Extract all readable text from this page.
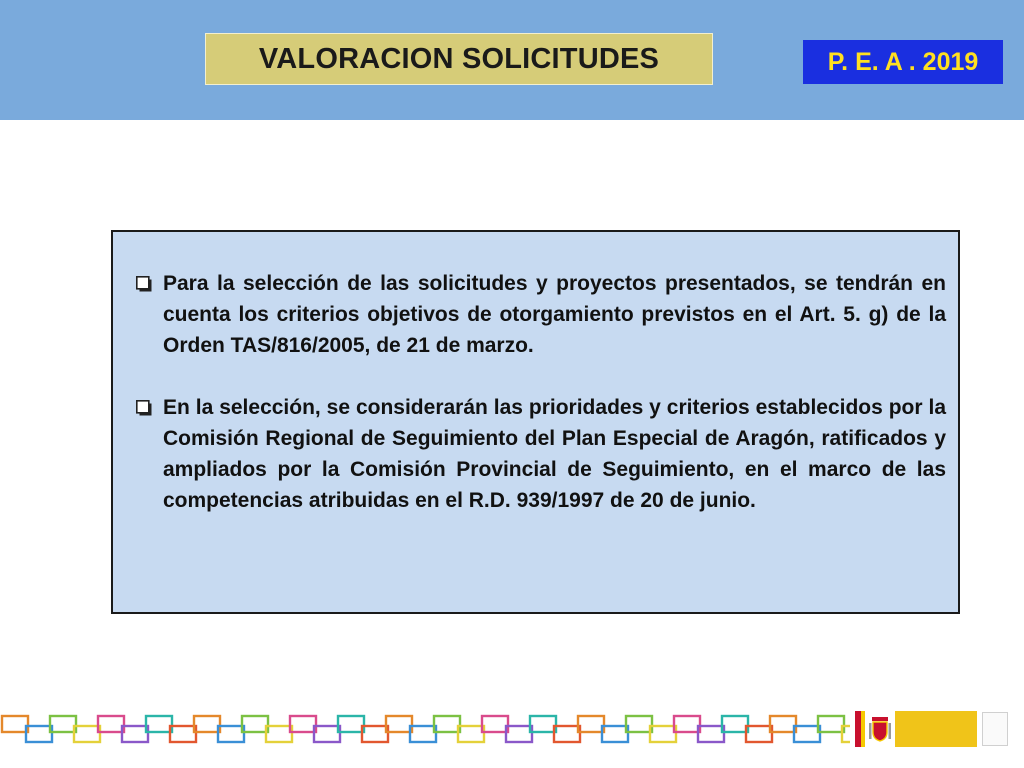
VALORACION SOLICITUDES	P. E. A . 2019
Para la selección de las solicitudes y proyectos presentados, se tendrán en cuenta los criterios objetivos de otorgamiento previstos en el Art. 5. g) de la Orden TAS/816/2005, de 21 de marzo.
En la selección, se considerarán las prioridades y criterios establecidos por la Comisión Regional de Seguimiento del Plan Especial de Aragón, ratificados y ampliados por la Comisión Provincial de Seguimiento, en el marco de las competencias atribuidas en el R.D. 939/1997 de 20 de junio.
